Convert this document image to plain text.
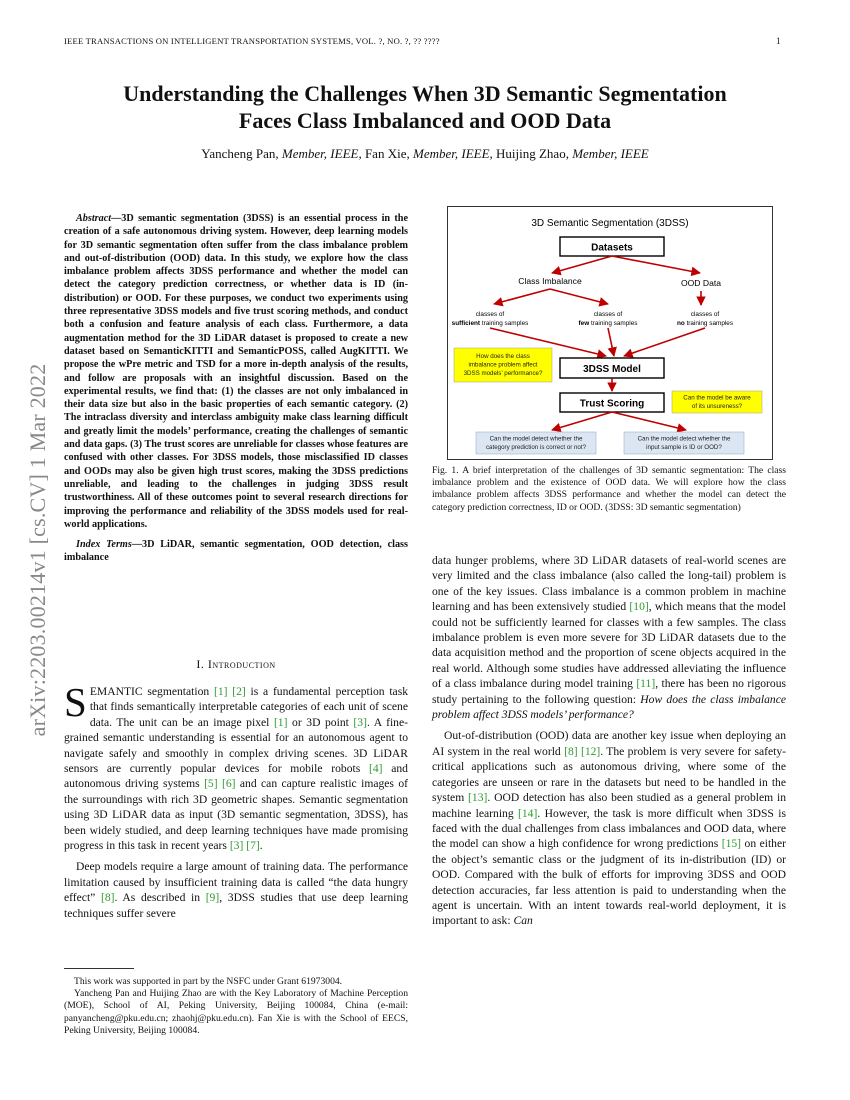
IEEE TRANSACTIONS ON INTELLIGENT TRANSPORTATION SYSTEMS, VOL. ?, NO. ?, ?? ????	1
arXiv:2203.00214v1 [cs.CV] 1 Mar 2022
Understanding the Challenges When 3D Semantic Segmentation
Faces Class Imbalanced and OOD Data
Yancheng Pan, Member, IEEE, Fan Xie, Member, IEEE, Huijing Zhao, Member, IEEE
Abstract—3D semantic segmentation (3DSS) is an essential process in the creation of a safe autonomous driving system. However, deep learning models for 3D semantic segmentation often suffer from the class imbalance problem and out-of-distribution (OOD) data. In this study, we explore how the class imbalance problem affects 3DSS performance and whether the model can detect the category prediction correctness, or whether data is ID (in-distribution) or OOD. For these purposes, we conduct two experiments using three representative 3DSS models and five trust scoring methods, and conduct both a confusion and feature analysis of each class. Furthermore, a data augmentation method for the 3D LiDAR dataset is proposed to create a new dataset based on SemanticKITTI and SemanticPOSS, called AugKITTI. We propose the wPre metric and TSD for a more in-depth analysis of the results, and follow are proposals with an insightful discussion. Based on the experimental results, we find that: (1) the classes are not only imbalanced in their data size but also in the basic properties of each semantic category. (2) The intraclass diversity and interclass ambiguity make class learning difficult and greatly limit the models’ performance, creating the challenges of semantic and data gaps. (3) The trust scores are unreliable for classes whose features are confused with other classes. For 3DSS models, those misclassified ID classes and OODs may also be given high trust scores, making the 3DSS predictions unreliable, and leading to the challenges in judging 3DSS result trustworthiness. All of these outcomes point to several research directions for improving the performance and reliability of the 3DSS models used for real-world applications.
Index Terms—3D LiDAR, semantic segmentation, OOD detection, class imbalance
I. Introduction

SEMANTIC segmentation [1] [2] is a fundamental perception task that finds semantically interpretable categories of each unit of scene data. The unit can be an image pixel [1] or 3D point [3]. A fine-grained semantic understanding is essential for an autonomous agent to navigate safely and smoothly in complex driving scenes. 3D LiDAR sensors are currently popular devices for mobile robots [4] and autonomous driving systems [5] [6] and can capture realistic images of the surroundings with rich 3D geometric shapes. Semantic segmentation using 3D LiDAR data as input (3D semantic segmentation, 3DSS), has been widely studied, and deep learning techniques have made promising progress in this task in recent years [3] [7].

Deep models require a large amount of training data. The performance limitation caused by insufficient training data is called “the data hungry effect” [8]. As described in [9], 3DSS studies that use deep learning techniques suffer severe

This work was supported in part by the NSFC under Grant 61973004.

Yancheng Pan and Huijing Zhao are with the Key Laboratory of Machine Perception (MOE), School of AI, Peking University, Beijing 100084, China (e-mail: panyancheng@pku.edu.cn; zhaohj@pku.edu.cn). Fan Xie is with the School of EECS, Peking University, Beijing 100084.

3D Semantic Segmentation (3DSS)
Datasets
Class Imbalance	OOD Data
classes of
sufficient training samples
classes of
few training samples
classes of
no training samples
How does the class
imbalance problem affect
3DSS models’ performance?	3DSS Model
Trust Scoring
Can the model be aware
of its unsureness?
Can the model detect whether the
category prediction is correct or not?
Can the model detect whether the
input sample is ID or OOD?
Fig. 1. A brief interpretation of the challenges of 3D semantic segmentation: The class imbalance problem and the existence of OOD data. We will explore how the class imbalance problem affects 3DSS performance and whether the model can detect the category prediction correctness, ID or OOD. (3DSS: 3D semantic segmentation)

data hunger problems, where 3D LiDAR datasets of real-world scenes are very limited and the class imbalance (also called the long-tail) problem is one of the key issues. Class imbalance is a common problem in machine learning and has been extensively studied [10], which means that the model could not be sufficiently learned for classes with a few samples. The class imbalance problem is even more severe for 3D LiDAR datasets due to the data acquisition method and the proportion of scene objects acquired in the real world. Although some studies have addressed alleviating the influence of a class imbalance during model training [11], there has been no rigorous study pertaining to the following question: How does the class imbalance problem affect 3DSS models’ performance?

Out-of-distribution (OOD) data are another key issue when deploying an AI system in the real world [8] [12]. The problem is very severe for safety-critical applications such as autonomous driving, where some of the categories are unseen or rare in the datasets but need to be handled in the system [13]. OOD detection has also been studied as a general problem in machine learning [14]. However, the task is more difficult when 3DSS is faced with the dual challenges from class imbalances and OOD data, where the model can show a high confidence for wrong predictions [15] on either the object’s semantic class or the judgment of its in-distribution (ID) or OOD. Compared with the bulk of efforts for improving 3DSS and OOD detection accuracies, far less attention is paid to understanding when the agent is uncertain. With an intent towards real-world deployment, it is important to ask: Can
